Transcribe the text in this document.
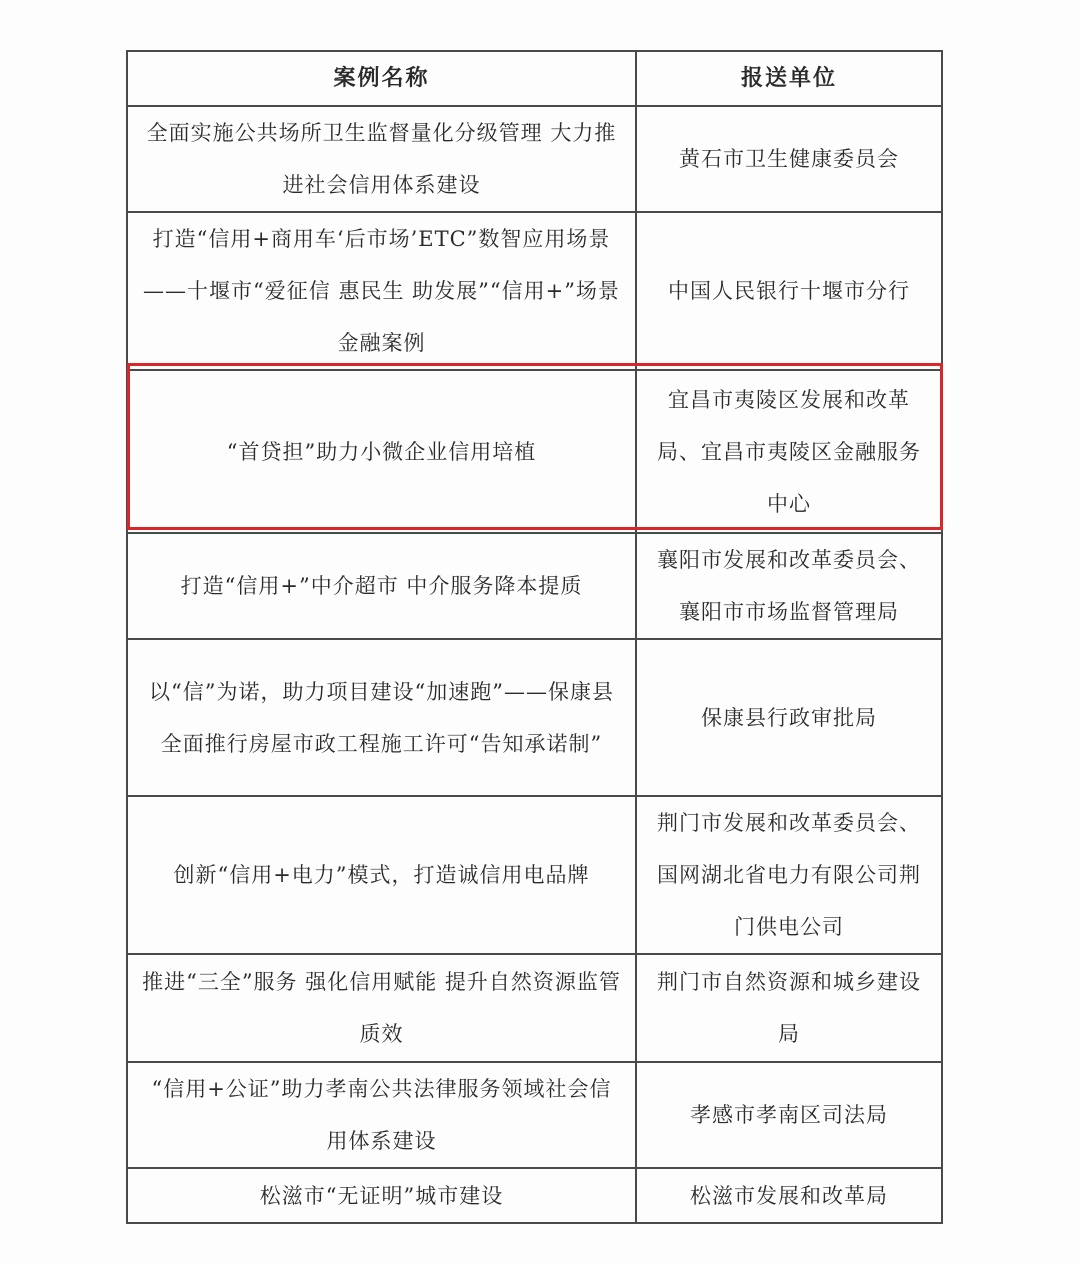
案例名称	报送单位
全面实施公共场所卫生监督量化分级管理 大力推进社会信用体系建设	黄石市卫生健康委员会
打造“信用+商用车‘后市场’ETC”数智应用场景——十堰市“爱征信 惠民生 助发展”“信用+”场景金融案例	中国人民银行十堰市分行
“首贷担”助力小微企业信用培植	宜昌市夷陵区发展和改革局、宜昌市夷陵区金融服务中心
打造“信用+”中介超市 中介服务降本提质	襄阳市发展和改革委员会、襄阳市市场监督管理局
以“信”为诺，助力项目建设“加速跑”——保康县全面推行房屋市政工程施工许可“告知承诺制”	保康县行政审批局
创新“信用+电力”模式，打造诚信用电品牌	荆门市发展和改革委员会、国网湖北省电力有限公司荆门供电公司
推进“三全”服务 强化信用赋能 提升自然资源监管质效	荆门市自然资源和城乡建设局
“信用+公证”助力孝南公共法律服务领域社会信用体系建设	孝感市孝南区司法局
松滋市“无证明”城市建设	松滋市发展和改革局
